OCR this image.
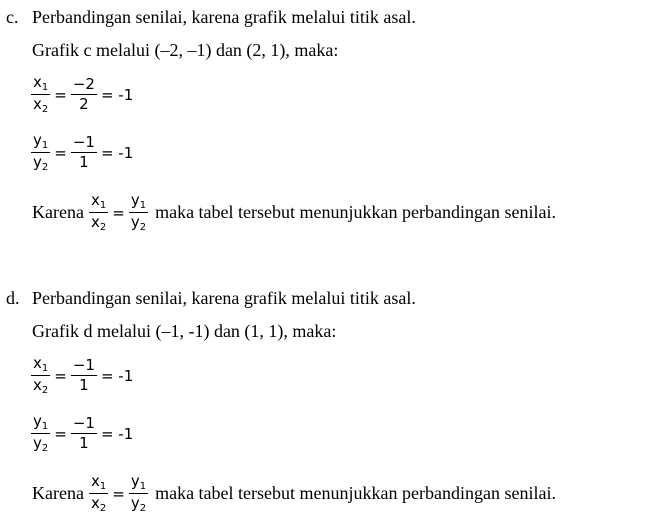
c. Perbandingan senilai, karena grafik melalui titik asal.
Grafik c melalui (–2, –1) dan (2, 1), maka:
$\frac{x_1}{x_2} = \frac{-2}{2} = -1$
$\frac{y_1}{y_2} = \frac{-1}{1} = -1$
Karena $\frac{x_1}{x_2} = \frac{y_1}{y_2}$ maka tabel tersebut menunjukkan perbandingan senilai.
d. Perbandingan senilai, karena grafik melalui titik asal.
Grafik d melalui (–1, -1) dan (1, 1), maka:
$\frac{x_1}{x_2} = \frac{-1}{1} = -1$
$\frac{y_1}{y_2} = \frac{-1}{1} = -1$
Karena $\frac{x_1}{x_2} = \frac{y_1}{y_2}$ maka tabel tersebut menunjukkan perbandingan senilai.
